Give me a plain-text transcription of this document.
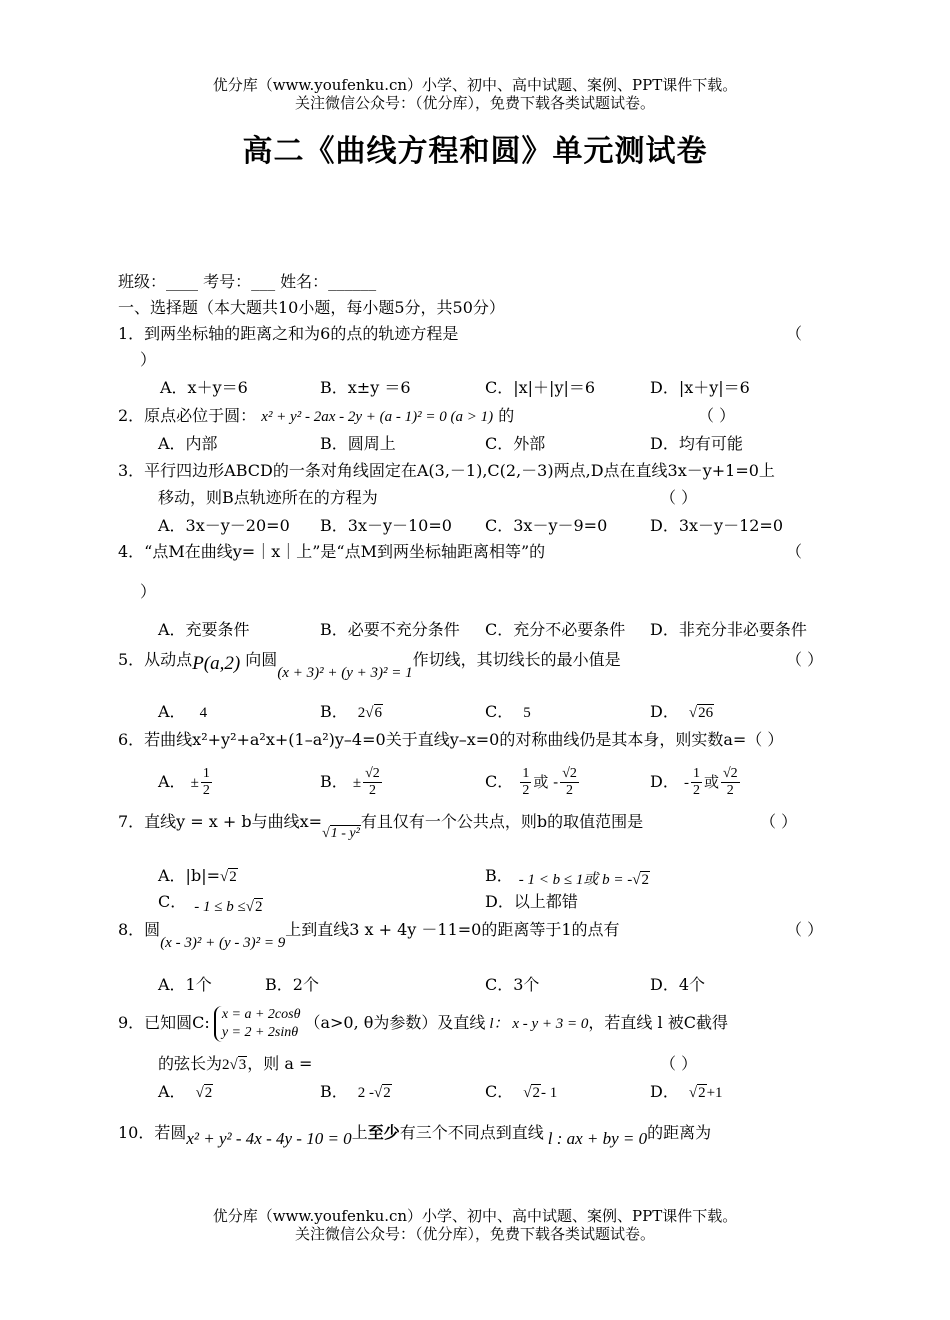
优分库（www.youfenku.cn）小学、初中、高中试题、案例、PPT课件下载。
关注微信公众号：（优分库），免费下载各类试题试卷。
高二《曲线方程和圆》单元测试卷
班级：____ 考号：___ 姓名：______
一、选择题（本大题共10小题，每小题5分，共50分）
1．到两坐标轴的距离之和为6的点的轨迹方程是	（
）
A．x＋y＝6	B．x±y ＝6	C．|x|＋|y|＝6	D．|x＋y|＝6
2．原点必位于圆： x² + y² - 2ax - 2y + (a - 1)² = 0 (a > 1) 的	（ ）
A．内部	B．圆周上	C．外部	D．均有可能
3．平行四边形ABCD的一条对角线固定在A(3,－1),C(2,－3)两点,D点在直线3x－y+1=0上
移动，则B点轨迹所在的方程为	（ ）
A．3x－y－20=0 B．3x－y－10=0 C．3x－y－9=0	D．3x－y－12=0
4．“点M在曲线y=｜x｜上”是“点M到两坐标轴距离相等”的	（
）
A．充要条件	B．必要不充分条件 C．充分不必要条件 D．非充分非必要条件
5．从动点P(a,2) 向圆(x + 3)² + (y + 3)² = 1作切线，其切线长的最小值是	（ ）
A． 4	B． 2√6	C． 5	D． √26
6．若曲线x²+y²+a²x+(1–a²)y–4=0关于直线y–x=0的对称曲线仍是其本身，则实数a=（ ）
A． ± $\frac{1}{2}$	B． ± $\frac{√2}{2}$	C． $\frac{1}{2}$ 或 - $\frac{√2}{2}$	D． - $\frac{1}{2}$ 或 $\frac{√2}{2}$
7．直线y = x + b与曲线x=√1 - y²有且仅有一个公共点，则b的取值范围是	（ ）
A．|b|=√2	B． - 1 < b ≤ 1或 b = -√2
C． - 1 ≤ b ≤√2	D．以上都错
8．圆(x - 3)² + (y - 3)² = 9上到直线3 x + 4y －11=0的距离等于1的点有	（ ）
A．1个	B．2个	C．3个	D．4个
9．已知圆C: x = a + 2cosθ
y = 2 + 2sinθ （a>0, θ为参数）及直线 l： x - y + 3 = 0，若直线 l 被C截得
的弦长为2√3，则 a =	（ ）
A． √2	B． 2 -√2	C． √2- 1	D． √2+1
10．若圆x² + y² - 4x - 4y - 10 = 0上至少有三个不同点到直线 l : ax + by = 0的距离为
优分库（www.youfenku.cn）小学、初中、高中试题、案例、PPT课件下载。
关注微信公众号：（优分库），免费下载各类试题试卷。
